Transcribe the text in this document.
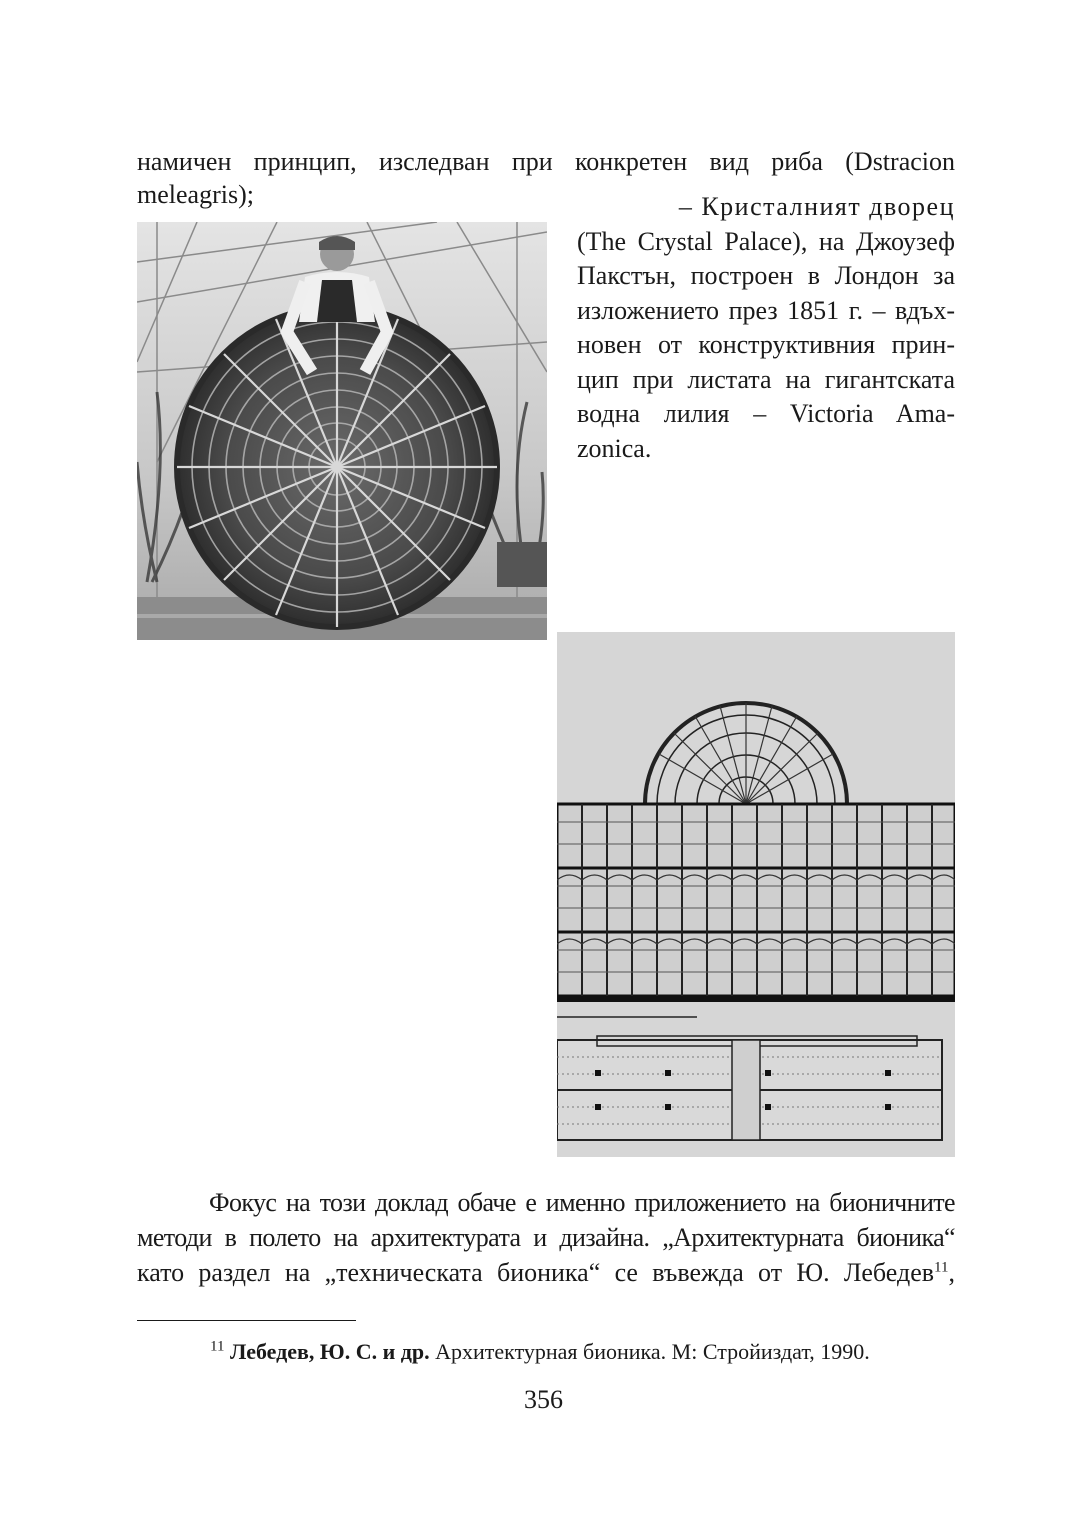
намичен принцип, изследван при конкретен вид риба (Dstracion
meleagris);	– Кристалният дворец
(The Crystal Palace), на Джоузеф
Пакстън, построен в Лондон за
изложението през 1851 г. – вдъх-
новен от конструктивния прин-
цип при листата на гигантската
водна лилия – Victoria Ama-
zonica.

Фокус на този доклад обаче е именно приложението на бионичните
методи в полето на архитектурата и дизайна. „Архитектурната бионика“
като раздел на „техническата бионика“ се въвежда от Ю. Лебедев$^{11}$,

$^{11}$ Лебедев, Ю. С. и др. Архитектурная бионика. М: Стройиздат, 1990.
356
